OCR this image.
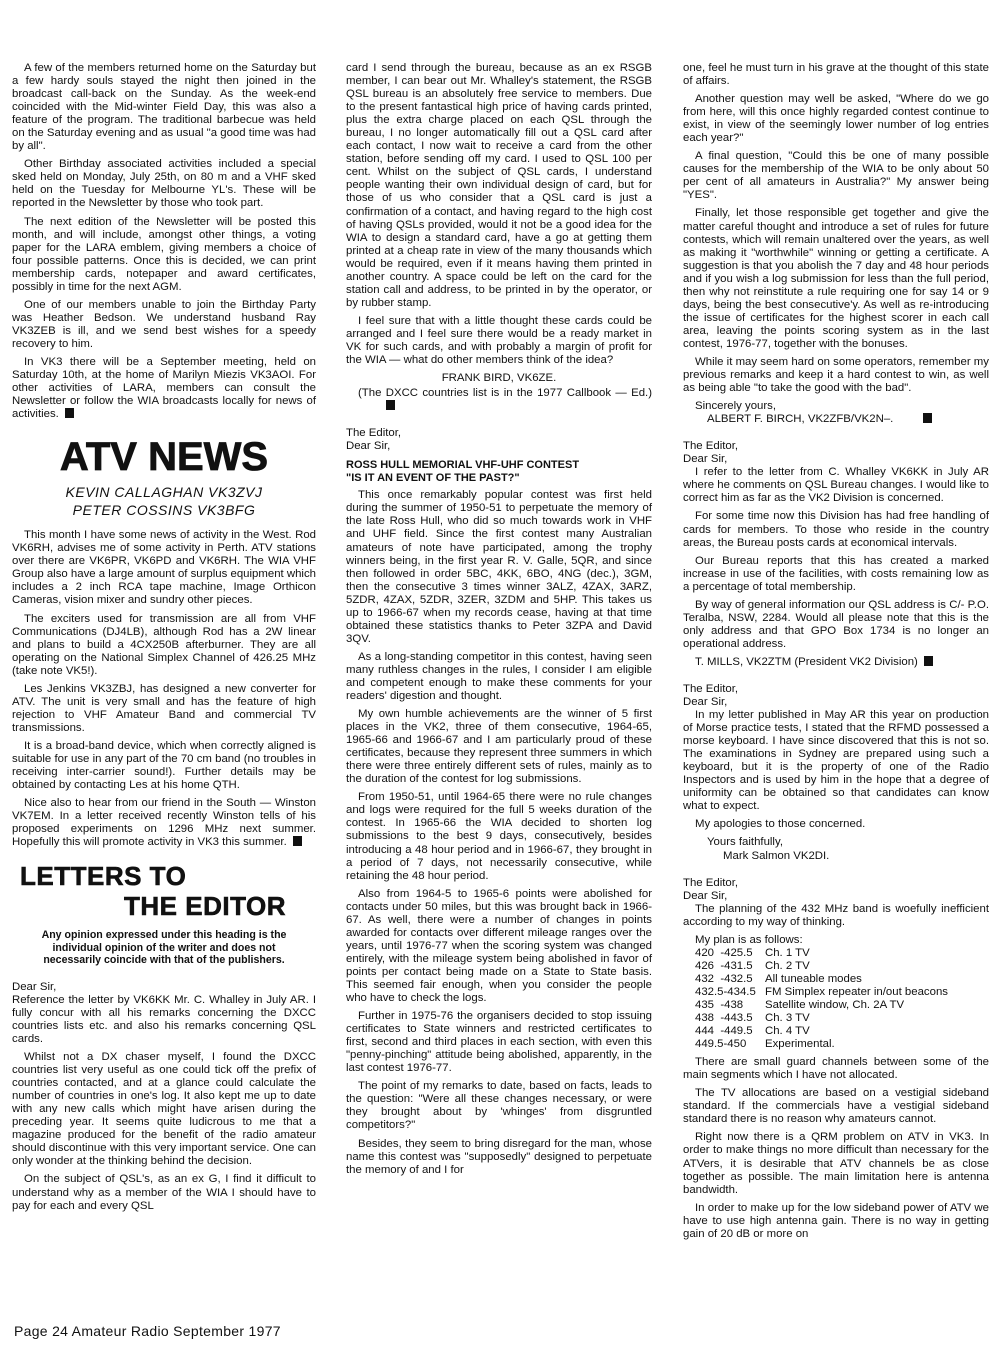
A few of the members returned home on the Saturday but a few hardy souls stayed the night then joined in the broadcast call-back on the Sunday. As the week-end coincided with the Mid-winter Field Day, this was also a feature of the program. The traditional barbecue was held on the Saturday evening and as usual "a good time was had by all".

Other Birthday associated activities included a special sked held on Monday, July 25th, on 80 m and a VHF sked held on the Tuesday for Melbourne YL's. These will be reported in the Newsletter by those who took part.

The next edition of the Newsletter will be posted this month, and will include, amongst other things, a voting paper for the LARA emblem, giving members a choice of four possible patterns. Once this is decided, we can print membership cards, notepaper and award certificates, possibly in time for the next AGM.

One of our members unable to join the Birthday Party was Heather Bedson. We understand husband Ray VK3ZEB is ill, and we send best wishes for a speedy recovery to him.

In VK3 there will be a September meeting, held on Saturday 10th, at the home of Marilyn Miezis VK3AOI. For other activities of LARA, members can consult the Newsletter or follow the WIA broadcasts locally for news of activities.

ATV NEWS
KEVIN CALLAGHAN VK3ZVJ
PETER COSSINS VK3BFG

This month I have some news of activity in the West. Rod VK6RH, advises me of some activity in Perth. ATV stations over there are VK6PR, VK6PD and VK6RH. The WIA VHF Group also have a large amount of surplus equipment which includes a 2 inch RCA tape machine, Image Orthicon Cameras, vision mixer and sundry other pieces.

The exciters used for transmission are all from VHF Communications (DJ4LB), although Rod has a 2W linear and plans to build a 4CX250B afterburner. They are all operating on the National Simplex Channel of 426.25 MHz (take note VK5!).

Les Jenkins VK3ZBJ, has designed a new converter for ATV. The unit is very small and has the feature of high rejection to VHF Amateur Band and commercial TV transmissions.

It is a broad-band device, which when correctly aligned is suitable for use in any part of the 70 cm band (no troubles in receiving inter-carrier sound!). Further details may be obtained by contacting Les at his home QTH.

Nice also to hear from our friend in the South — Winston VK7EM. In a letter received recently Winston tells of his proposed experiments on 1296 MHz next summer. Hopefully this will promote activity in VK3 this summer.

LETTERS TO
THE EDITOR
Any opinion expressed under this heading is the individual opinion of the writer and does not necessarily coincide with that of the publishers.

Dear Sir,

Reference the letter by VK6KK Mr. C. Whalley in July AR. I fully concur with all his remarks concerning the DXCC countries lists etc. and also his remarks concerning QSL cards.

Whilst not a DX chaser myself, I found the DXCC countries list very useful as one could tick off the prefix of countries contacted, and at a glance could calculate the number of countries in one's log. It also kept me up to date with any new calls which might have arisen during the preceding year. It seems quite ludicrous to me that a magazine produced for the benefit of the radio amateur should discontinue with this very important service. One can only wonder at the thinking behind the decision.

On the subject of QSL's, as an ex G, I find it difficult to understand why as a member of the WIA I should have to pay for each and every QSL

card I send through the bureau, because as an ex RSGB member, I can bear out Mr. Whalley's statement, the RSGB QSL bureau is an absolutely free service to members. Due to the present fantastical high price of having cards printed, plus the extra charge placed on each QSL through the bureau, I no longer automatically fill out a QSL card after each contact, I now wait to receive a card from the other station, before sending off my card. I used to QSL 100 per cent. Whilst on the subject of QSL cards, I understand people wanting their own individual design of card, but for those of us who consider that a QSL card is just a confirmation of a contact, and having regard to the high cost of having QSLs provided, would it not be a good idea for the WIA to design a standard card, have a go at getting them printed at a cheap rate in view of the many thousands which would be required, even if it means having them printed in another country. A space could be left on the card for the station call and address, to be printed in by the operator, or by rubber stamp.

I feel sure that with a little thought these cards could be arranged and I feel sure there would be a ready market in VK for such cards, and with probably a margin of profit for the WIA — what do other members think of the idea?

FRANK BIRD, VK6ZE.

(The DXCC countries list is in the 1977 Callbook — Ed.)

The Editor,

Dear Sir,

ROSS HULL MEMORIAL VHF-UHF CONTEST
"IS IT AN EVENT OF THE PAST?"

This once remarkably popular contest was first held during the summer of 1950-51 to perpetuate the memory of the late Ross Hull, who did so much towards work in VHF and UHF field. Since the first contest many Australian amateurs of note have participated, among the trophy winners being, in the first year R. V. Galle, 5QR, and since then followed in order 5BC, 4KK, 6BO, 4NG (dec.), 3GM, then the consecutive 3 times winner 3ALZ, 4ZAX, 3ARZ, 5ZDR, 4ZAX, 5ZDR, 3ZER, 3ZDM and 5HP. This takes us up to 1966-67 when my records cease, having at that time obtained these statistics thanks to Peter 3ZPA and David 3QV.

As a long-standing competitor in this contest, having seen many ruthless changes in the rules, I consider I am eligible and competent enough to make these comments for your readers' digestion and thought.

My own humble achievements are the winner of 5 first places in the VK2, three of them consecutive, 1964-65, 1965-66 and 1966-67 and I am particularly proud of these certificates, because they represent three summers in which there were three entirely different sets of rules, mainly as to the duration of the contest for log submissions.

From 1950-51, until 1964-65 there were no rule changes and logs were required for the full 5 weeks duration of the contest. In 1965-66 the WIA decided to shorten log submissions to the best 9 days, consecutively, besides introducing a 48 hour period and in 1966-67, they brought in a period of 7 days, not necessarily consecutive, while retaining the 48 hour period.

Also from 1964-5 to 1965-6 points were abolished for contacts under 50 miles, but this was brought back in 1966-67. As well, there were a number of changes in points awarded for contacts over different mileage ranges over the years, until 1976-77 when the scoring system was changed entirely, with the mileage system being abolished in favor of points per contact being made on a State to State basis. This seemed fair enough, when you consider the people who have to check the logs.

Further in 1975-76 the organisers decided to stop issuing certificates to State winners and restricted certificates to first, second and third places in each section, with even this "penny-pinching" attitude being abolished, apparently, in the last contest 1976-77.

The point of my remarks to date, based on facts, leads to the question: "Were all these changes necessary, or were they brought about by 'whinges' from disgruntled competitors?"

Besides, they seem to bring disregard for the man, whose name this contest was "supposedly" designed to perpetuate the memory of and I for

one, feel he must turn in his grave at the thought of this state of affairs.

Another question may well be asked, "Where do we go from here, will this once highly regarded contest continue to exist, in view of the seemingly lower number of log entries each year?"

A final question, "Could this be one of many possible causes for the membership of the WIA to be only about 50 per cent of all amateurs in Australia?" My answer being "YES".

Finally, let those responsible get together and give the matter careful thought and introduce a set of rules for future contests, which will remain unaltered over the years, as well as making it "worthwhile" winning or getting a certificate. A suggestion is that you abolish the 7 day and 48 hour periods and if you wish a log submission for less than the full period, then why not reinstitute a rule requiring one for say 14 or 9 days, being the best consecutive'y. As well as re-introducing the issue of certificates for the highest scorer in each call area, leaving the points scoring system as in the last contest, 1976-77, together with the bonuses.

While it may seem hard on some operators, remember my previous remarks and keep it a hard contest to win, as well as being able "to take the good with the bad".

Sincerely yours,

ALBERT F. BIRCH, VK2ZFB/VK2N–.

The Editor,

Dear Sir,

I refer to the letter from C. Whalley VK6KK in July AR where he comments on QSL Bureau changes. I would like to correct him as far as the VK2 Division is concerned.

For some time now this Division has had free handling of cards for members. To those who reside in the country areas, the Bureau posts cards at economical intervals.

Our Bureau reports that this has created a marked increase in use of the facilities, with costs remaining low as a percentage of total membership.

By way of general information our QSL address is C/- P.O. Teralba, NSW, 2284. Would all please note that this is the only address and that GPO Box 1734 is no longer an operational address.

T. MILLS, VK2ZTM (President VK2 Division)

The Editor,

Dear Sir,

In my letter published in May AR this year on production of Morse practice tests, I stated that the RFMD possessed a morse keyboard. I have since discovered that this is not so. The examinations in Sydney are prepared using such a keyboard, but it is the property of one of the Radio Inspectors and is used by him in the hope that a degree of uniformity can be obtained so that candidates can know what to expect.

My apologies to those concerned.

Yours faithfully,

Mark Salmon VK2DI.

The Editor,

Dear Sir,

The planning of the 432 MHz band is woefully inefficient according to my way of thinking.

My plan is as follows:

420  -425.5	Ch. 1 TV
426  -431.5	Ch. 2 TV
432  -432.5	All tuneable modes
432.5-434.5	FM Simplex repeater in/out beacons
435  -438	Satellite window, Ch. 2A TV
438  -443.5	Ch. 3 TV
444  -449.5	Ch. 4 TV
449.5-450	Experimental.

There are small guard channels between some of the main segments which I have not allocated.

The TV allocations are based on a vestigial sideband standard. If the commercials have a vestigial sideband standard there is no reason why amateurs cannot.

Right now there is a QRM problem on ATV in VK3. In order to make things no more difficult than necessary for the ATVers, it is desirable that ATV channels be as close together as possible. The main limitation here is antenna bandwidth.

In order to make up for the low sideband power of ATV we have to use high antenna gain. There is no way in getting gain of 20 dB or more on

Page 24 Amateur Radio September 1977
